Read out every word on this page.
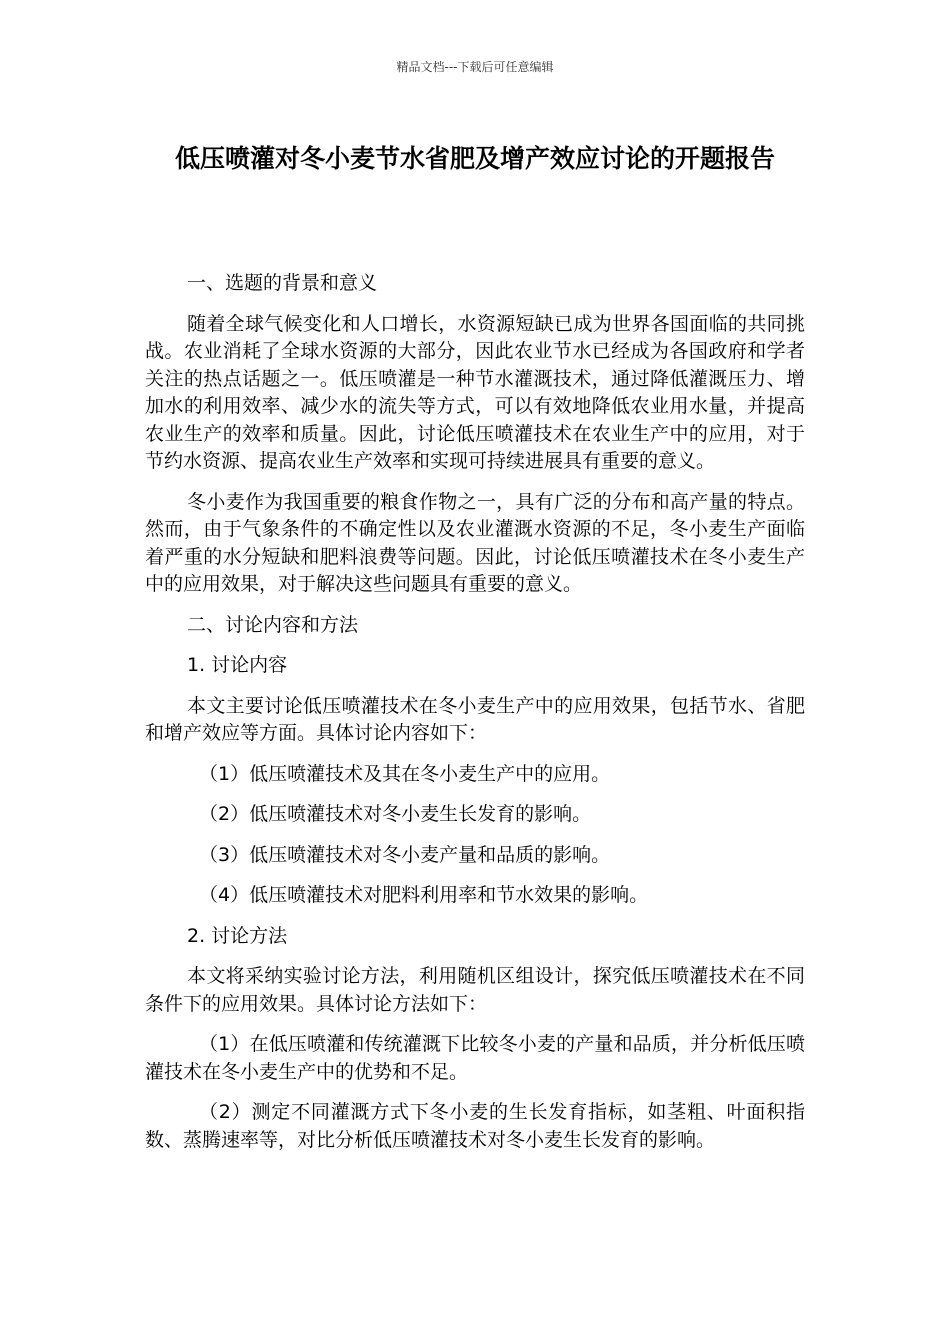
精品文档---下载后可任意编辑
低压喷灌对冬小麦节水省肥及增产效应讨论的开题报告

一、选题的背景和意义

随着全球气候变化和人口增长，水资源短缺已成为世界各国面临的共同挑战。农业消耗了全球水资源的大部分，因此农业节水已经成为各国政府和学者关注的热点话题之一。低压喷灌是一种节水灌溉技术，通过降低灌溉压力、增加水的利用效率、减少水的流失等方式，可以有效地降低农业用水量，并提高农业生产的效率和质量。因此，讨论低压喷灌技术在农业生产中的应用，对于节约水资源、提高农业生产效率和实现可持续进展具有重要的意义。

冬小麦作为我国重要的粮食作物之一，具有广泛的分布和高产量的特点。然而，由于气象条件的不确定性以及农业灌溉水资源的不足，冬小麦生产面临着严重的水分短缺和肥料浪费等问题。因此，讨论低压喷灌技术在冬小麦生产中的应用效果，对于解决这些问题具有重要的意义。

二、讨论内容和方法

1. 讨论内容

本文主要讨论低压喷灌技术在冬小麦生产中的应用效果，包括节水、省肥和增产效应等方面。具体讨论内容如下：

（1）低压喷灌技术及其在冬小麦生产中的应用。

（2）低压喷灌技术对冬小麦生长发育的影响。

（3）低压喷灌技术对冬小麦产量和品质的影响。

（4）低压喷灌技术对肥料利用率和节水效果的影响。

2. 讨论方法

本文将采纳实验讨论方法，利用随机区组设计，探究低压喷灌技术在不同条件下的应用效果。具体讨论方法如下：

（1）在低压喷灌和传统灌溉下比较冬小麦的产量和品质，并分析低压喷灌技术在冬小麦生产中的优势和不足。

（2）测定不同灌溉方式下冬小麦的生长发育指标，如茎粗、叶面积指数、蒸腾速率等，对比分析低压喷灌技术对冬小麦生长发育的影响。
